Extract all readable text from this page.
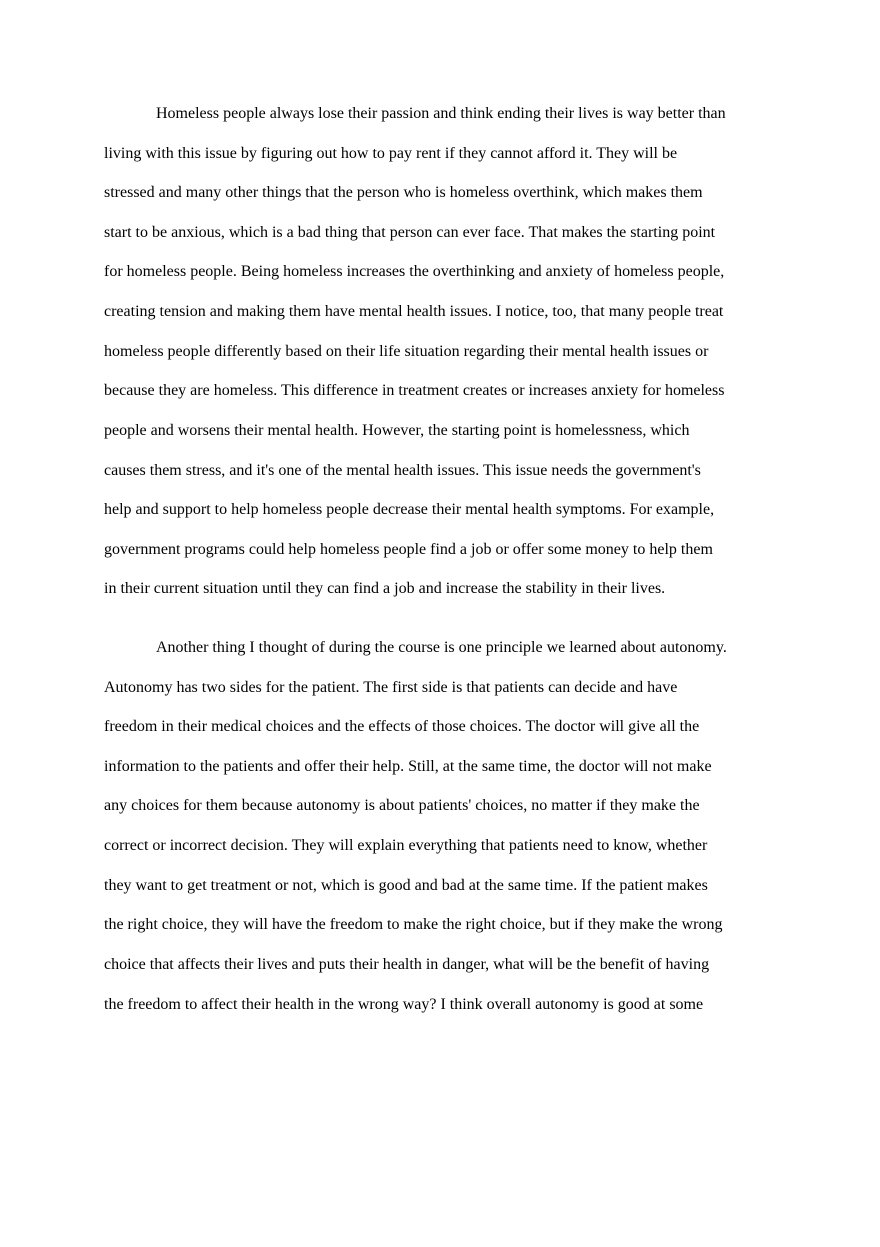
Homeless people always lose their passion and think ending their lives is way better than
living with this issue by figuring out how to pay rent if they cannot afford it. They will be
stressed and many other things that the person who is homeless overthink, which makes them
start to be anxious, which is a bad thing that person can ever face. That makes the starting point
for homeless people. Being homeless increases the overthinking and anxiety of homeless people,
creating tension and making them have mental health issues. I notice, too, that many people treat
homeless people differently based on their life situation regarding their mental health issues or
because they are homeless. This difference in treatment creates or increases anxiety for homeless
people and worsens their mental health. However, the starting point is homelessness, which
causes them stress, and it's one of the mental health issues. This issue needs the government's
help and support to help homeless people decrease their mental health symptoms. For example,
government programs could help homeless people find a job or offer some money to help them
in their current situation until they can find a job and increase the stability in their lives.
Another thing I thought of during the course is one principle we learned about autonomy.
Autonomy has two sides for the patient. The first side is that patients can decide and have
freedom in their medical choices and the effects of those choices. The doctor will give all the
information to the patients and offer their help. Still, at the same time, the doctor will not make
any choices for them because autonomy is about patients' choices, no matter if they make the
correct or incorrect decision. They will explain everything that patients need to know, whether
they want to get treatment or not, which is good and bad at the same time. If the patient makes
the right choice, they will have the freedom to make the right choice, but if they make the wrong
choice that affects their lives and puts their health in danger, what will be the benefit of having
the freedom to affect their health in the wrong way? I think overall autonomy is good at some
